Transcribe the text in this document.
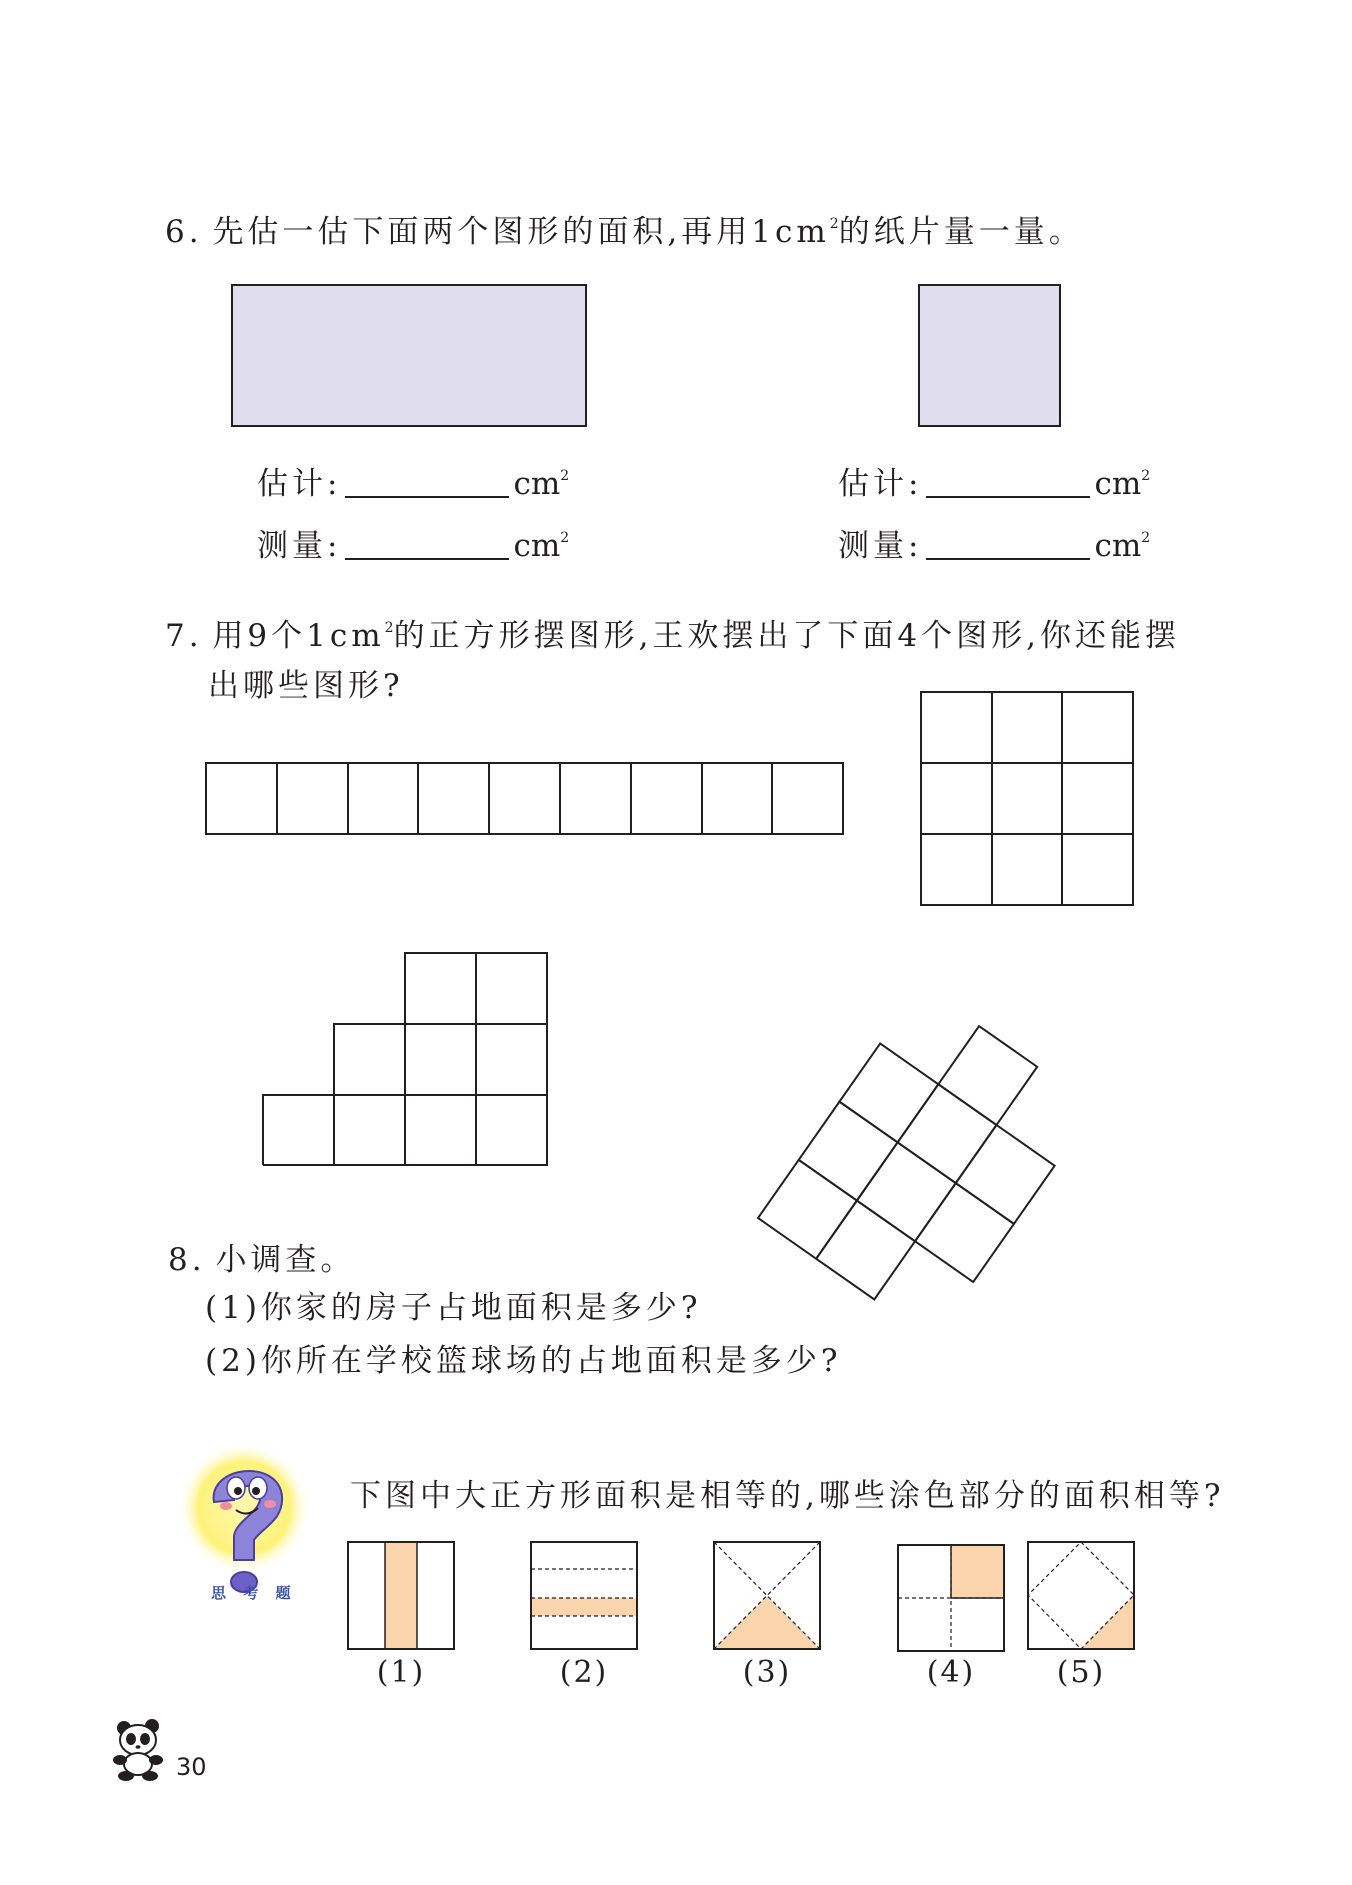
6. 先估一估下面两个图形的面积,再用$1cm^2$的纸片量一量。
估计:	$cm^2$
测量:	$cm^2$
估计:	$cm^2$
测量:	$cm^2$
7. 用9个$1cm^2$的正方形摆图形,王欢摆出了下面4个图形,你还能摆
出哪些图形?
8. 小调查。
(1)你家的房子占地面积是多少?
(2)你所在学校篮球场的占地面积是多少?
思 考 题
下图中大正方形面积是相等的,哪些涂色部分的面积相等?
(1)	(2)	(3)	(4)	(5)
30
